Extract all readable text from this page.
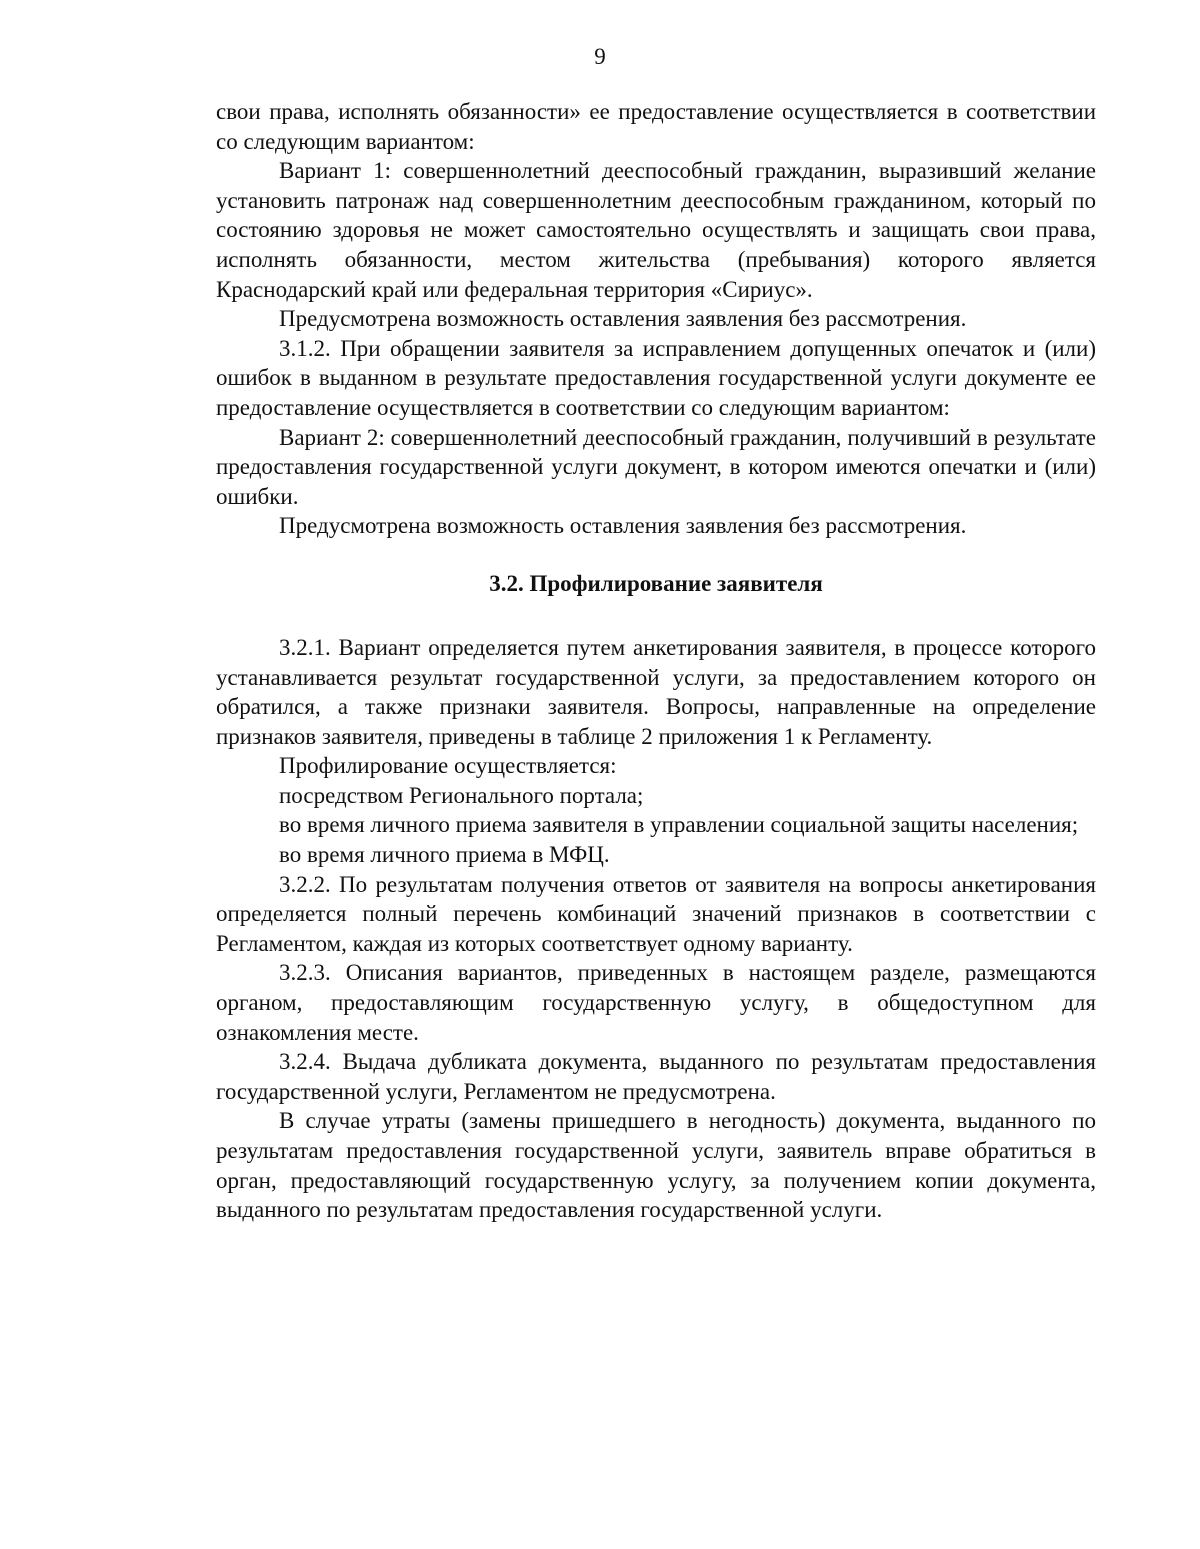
9

свои права, исполнять обязанности» ее предоставление осуществляется в соответствии со следующим вариантом:

Вариант 1: совершеннолетний дееспособный гражданин, выразивший желание установить патронаж над совершеннолетним дееспособным гражданином, который по состоянию здоровья не может самостоятельно осуществлять и защищать свои права, исполнять обязанности, местом жительства (пребывания) которого является Краснодарский край или федеральная территория «Сириус».

Предусмотрена возможность оставления заявления без рассмотрения.

3.1.2. При обращении заявителя за исправлением допущенных опечаток и (или) ошибок в выданном в результате предоставления государственной услуги документе ее предоставление осуществляется в соответствии со следующим вариантом:

Вариант 2: совершеннолетний дееспособный гражданин, получивший в результате предоставления государственной услуги документ, в котором имеются опечатки и (или) ошибки.

Предусмотрена возможность оставления заявления без рассмотрения.

3.2. Профилирование заявителя

3.2.1. Вариант определяется путем анкетирования заявителя, в процессе которого устанавливается результат государственной услуги, за предоставлением которого он обратился, а также признаки заявителя. Вопросы, направленные на определение признаков заявителя, приведены в таблице 2 приложения 1 к Регламенту.

Профилирование осуществляется:

посредством Регионального портала;

во время личного приема заявителя в управлении социальной защиты населения;

во время личного приема в МФЦ.

3.2.2. По результатам получения ответов от заявителя на вопросы анкетирования определяется полный перечень комбинаций значений признаков в соответствии с Регламентом, каждая из которых соответствует одному варианту.

3.2.3. Описания вариантов, приведенных в настоящем разделе, размещаются органом, предоставляющим государственную услугу, в общедоступном для ознакомления месте.

3.2.4. Выдача дубликата документа, выданного по результатам предоставления государственной услуги, Регламентом не предусмотрена.

В случае утраты (замены пришедшего в негодность) документа, выданного по результатам предоставления государственной услуги, заявитель вправе обратиться в орган, предоставляющий государственную услугу, за получением копии документа, выданного по результатам предоставления государственной услуги.
